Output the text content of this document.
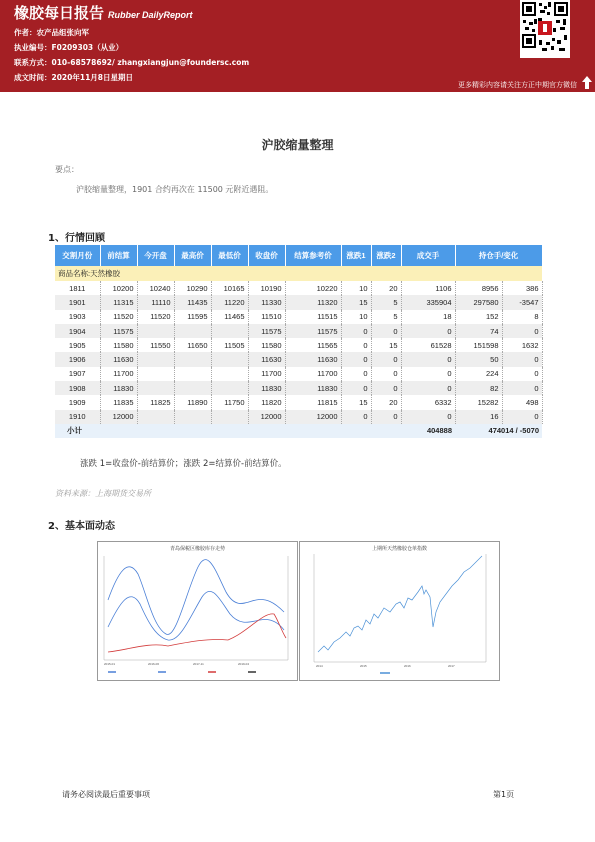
橡胶每日报告 Rubber DailyReport
作者：农产品组张向军
执业编号：F0209303（从业）
联系方式：010-68578692/ zhangxiangjun@foundersc.com
成文时间：2020年11月8日星期日
更多精彩内容请关注方正中期官方微信
沪胶缩量整理
要点：
沪胶缩量整理，1901 合约再次在 11500 元附近遇阻。
1、行情回顾
交割月份	前结算	今开盘	最高价	最低价	收盘价	结算参考价	涨跌1	涨跌2	成交手	持仓手/变化	
商品名称:天然橡胶											
1811	10200	10240	10290	10165	10190	10220	10	20	1106	8956	386
1901	11315	11110	11435	11220	11330	11320	15	5	335904	297580	-3547
1903	11520	11520	11595	11465	11510	11515	10	5	18	152	8
1904	11575				11575	11575	0	0	0	74	0
1905	11580	11550	11650	11505	11580	11565	0	15	61528	151598	1632
1906	11630				11630	11630	0	0	0	50	0
1907	11700				11700	11700	0	0	0	224	0
1908	11830				11830	11830	0	0	0	82	0
1909	11835	11825	11890	11750	11820	11815	15	20	6332	15282	498
1910	12000				12000	12000	0	0	0	16	0
小计									404888	474014 / -5070	
涨跌 1=收盘价-前结算价；涨跌 2=结算价-前结算价。
资料来源：上海期货交易所
2、基本面动态
青岛保税区橡胶库存走势
2015-01	2016-06	2017-11	2019-04
上期所天然橡胶仓单指数
2014	2015	2016	2017
请务必阅读最后重要事项	第1页
